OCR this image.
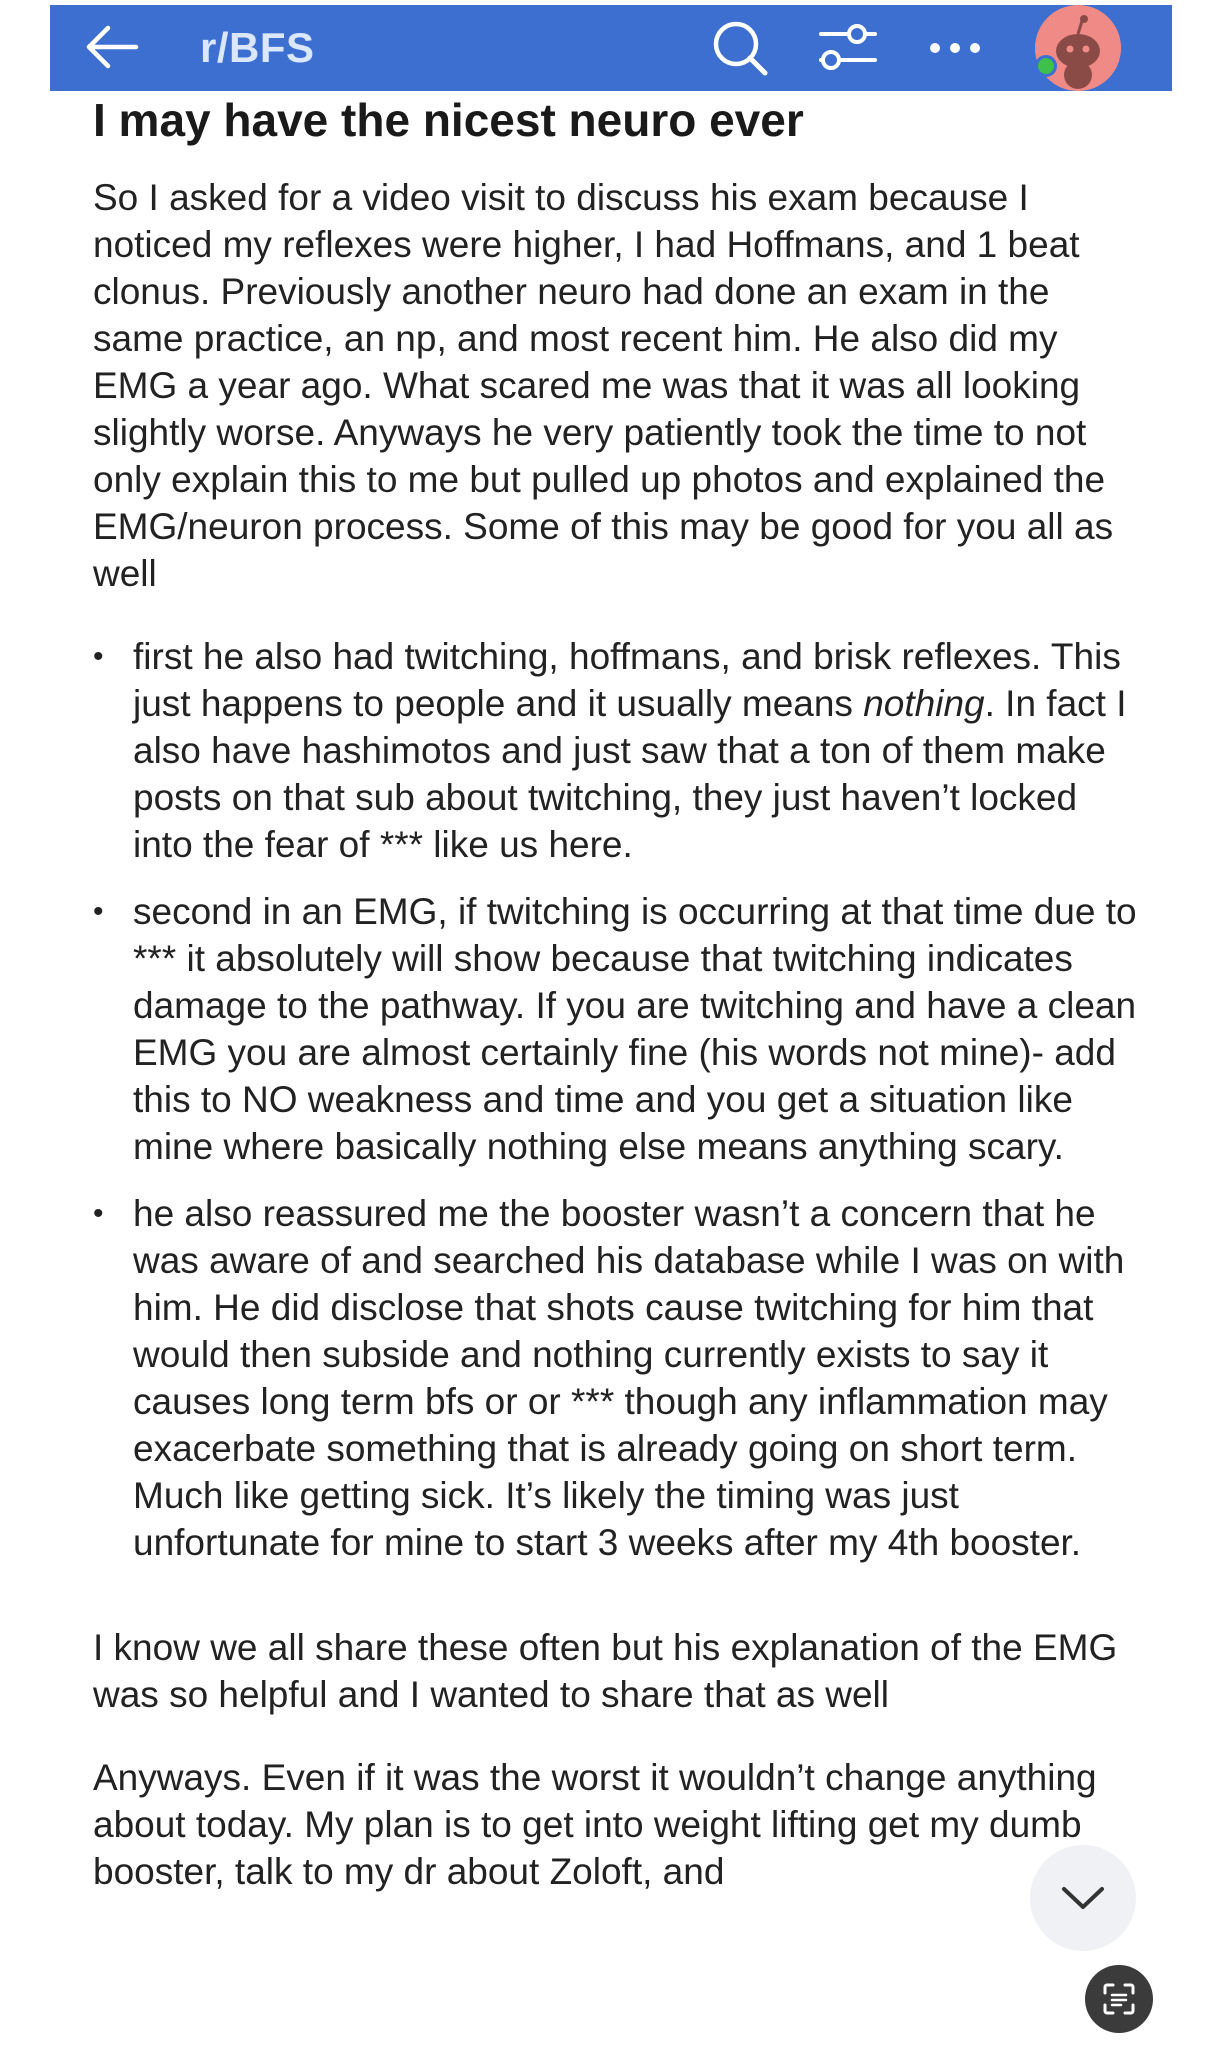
r/BFS
I may have the nicest neuro ever

So I asked for a video visit to discuss his exam because I noticed my reflexes were higher, I had Hoffmans, and 1 beat clonus. Previously another neuro had done an exam in the same practice, an np, and most recent him. He also did my EMG a year ago. What scared me was that it was all looking slightly worse. Anyways he very patiently took the time to not only explain this to me but pulled up photos and explained the EMG/neuron process. Some of this may be good for you all as well

• first he also had twitching, hoffmans, and brisk reflexes. This just happens to people and it usually means nothing. In fact I also have hashimotos and just saw that a ton of them make posts on that sub about twitching, they just haven’t locked into the fear of *** like us here.
• second in an EMG, if twitching is occurring at that time due to *** it absolutely will show because that twitching indicates damage to the pathway. If you are twitching and have a clean EMG you are almost certainly fine (his words not mine)- add this to NO weakness and time and you get a situation like mine where basically nothing else means anything scary.
• he also reassured me the booster wasn’t a concern that he was aware of and searched his database while I was on with him. He did disclose that shots cause twitching for him that would then subside and nothing currently exists to say it causes long term bfs or or *** though any inflammation may exacerbate something that is already going on short term. Much like getting sick. It’s likely the timing was just unfortunate for mine to start 3 weeks after my 4th booster.

I know we all share these often but his explanation of the EMG was so helpful and I wanted to share that as well

Anyways. Even if it was the worst it wouldn’t change anything about today. My plan is to get into weight lifting get my dumb booster, talk to my dr about Zoloft, and
